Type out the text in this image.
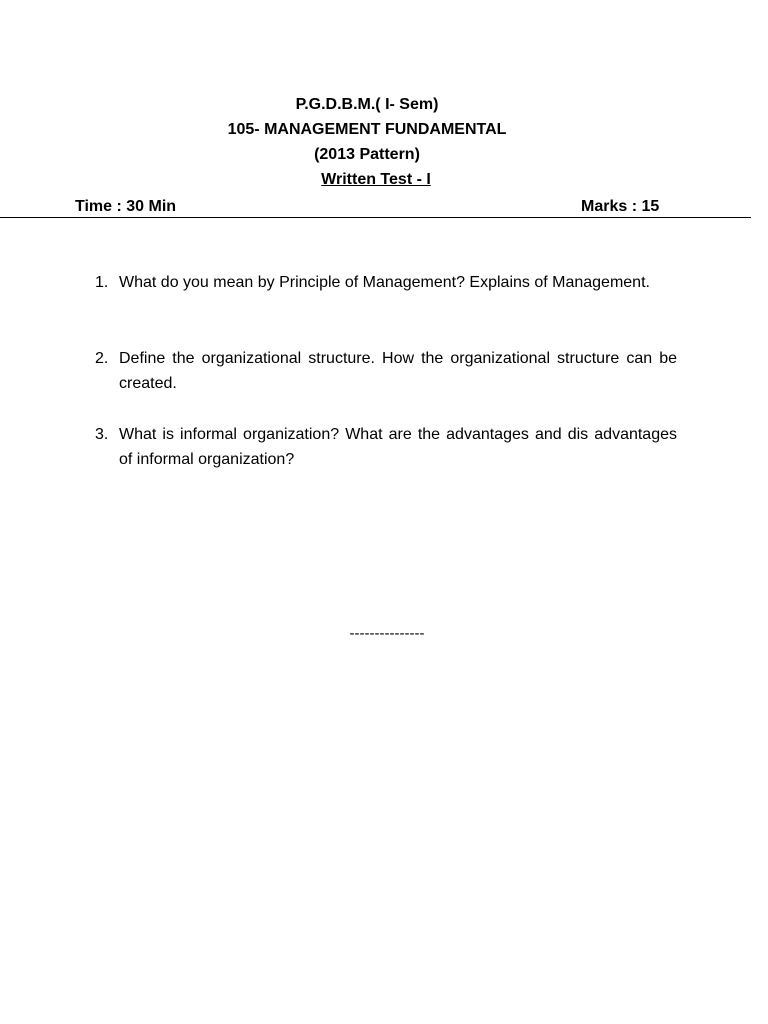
P.G.D.B.M.( I- Sem)
105- MANAGEMENT FUNDAMENTAL
(2013 Pattern)
Written Test - I
Time : 30 Min	Marks : 15
1. What do you mean by Principle of Management? Explains of Management.
2. Define the organizational structure. How the organizational structure can be created.
3. What is informal organization? What are the advantages and dis advantages of informal organization?
---------------
